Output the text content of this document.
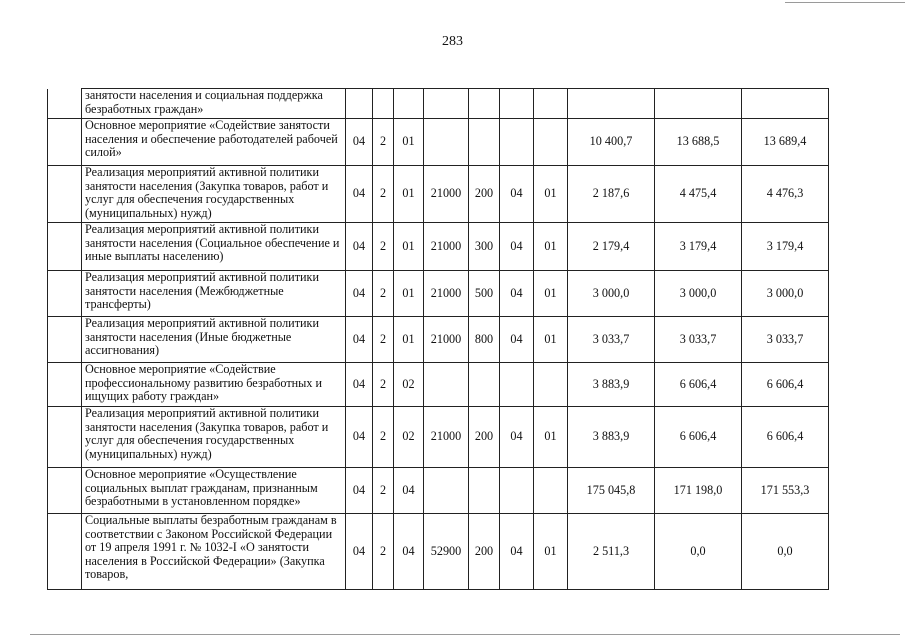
283
	занятости населения и социальная поддержка безработных граждан»										
	Основное мероприятие «Содействие занятости населения и обеспечение работодателей рабочей силой»	04	2	01					10 400,7	13 688,5	13 689,4
	Реализация мероприятий активной политики занятости населения (Закупка товаров, работ и услуг для обеспечения государственных (муниципальных) нужд)	04	2	01	21000	200	04	01	2 187,6	4 475,4	4 476,3
	Реализация мероприятий активной политики занятости населения (Социальное обеспечение и иные выплаты населению)	04	2	01	21000	300	04	01	2 179,4	3 179,4	3 179,4
	Реализация мероприятий активной политики занятости населения (Межбюджетные трансферты)	04	2	01	21000	500	04	01	3 000,0	3 000,0	3 000,0
	Реализация мероприятий активной политики занятости населения (Иные бюджетные ассигнования)	04	2	01	21000	800	04	01	3 033,7	3 033,7	3 033,7
	Основное мероприятие «Содействие профессиональному развитию безработных и ищущих работу граждан»	04	2	02					3 883,9	6 606,4	6 606,4
	Реализация мероприятий активной политики занятости населения (Закупка товаров, работ и услуг для обеспечения государственных (муниципальных) нужд)	04	2	02	21000	200	04	01	3 883,9	6 606,4	6 606,4
	Основное мероприятие «Осуществление социальных выплат гражданам, признанным безработными в установленном порядке»	04	2	04					175 045,8	171 198,0	171 553,3
	Социальные выплаты безработным гражданам в соответствии с Законом Российской Федерации от 19 апреля 1991 г. № 1032-I «О занятости населения в Российской Федерации» (Закупка товаров,	04	2	04	52900	200	04	01	2 511,3	0,0	0,0
